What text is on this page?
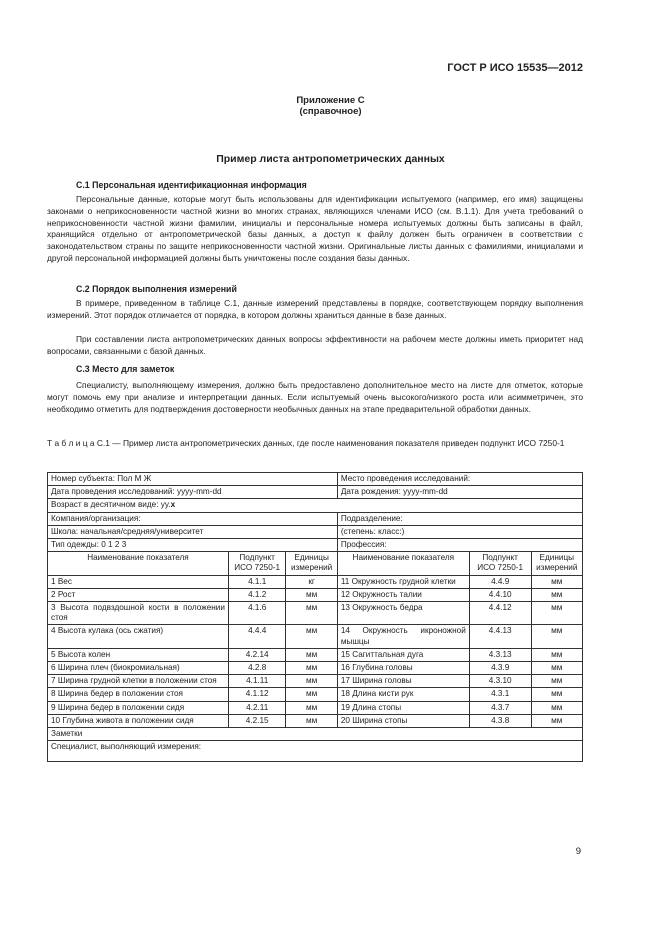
ГОСТ Р ИСО 15535—2012
Приложение С
(справочное)
Пример листа антропометрических данных
С.1 Персональная идентификационная информация

Персональные данные, которые могут быть использованы для идентификации испытуемого (например, его имя) защищены законами о неприкосновенности частной жизни во многих странах, являющихся членами ИСО (см. В.1.1). Для учета требований о неприкосновенности частной жизни фамилии, инициалы и персональные номера испытуемых должны быть записаны в файл, хранящийся отдельно от антропометрической базы данных, а доступ к файлу должен быть ограничен в соответствии с законодательством страны по защите неприкосновенности частной жизни. Оригинальные листы данных с фамилиями, инициалами и другой персональной информацией должны быть уничтожены после создания базы данных.

С.2 Порядок выполнения измерений

В примере, приведенном в таблице С.1, данные измерений представлены в порядке, соответствующем порядку выполнения измерений. Этот порядок отличается от порядка, в котором должны храниться данные в базе данных.

При составлении листа антропометрических данных вопросы эффективности на рабочем месте должны иметь приоритет над вопросами, связанными с базой данных.

С.3 Место для заметок

Специалисту, выполняющему измерения, должно быть предоставлено дополнительное место на листе для отметок, которые могут помочь ему при анализе и интерпретации данных. Если испытуемый очень высокого/низкого роста или асимметричен, это необходимо отметить для подтверждения достоверности необычных данных на этапе предварительной обработки данных.

Т а б л и ц а С.1 — Пример листа антропометрических данных, где после наименования показателя приведен подпункт ИСО 7250-1
Номер субъекта: Пол М Ж			Место проведения исследований:		
Дата проведения исследований: yyyy-mm-dd			Дата рождения: yyyy-mm-dd		
Возраст в десятичном виде: yy.x					
Компания/организация:			Подразделение:		
Школа: начальная/средняя/университет			(степень: класс:)		
Тип одежды: 0 1 2 3			Профессия:		
Наименование показателя	Подпункт ИСО 7250-1	Единицы измерений	Наименование показателя	Подпункт ИСО 7250-1	Единицы измерений
1 Вес	4.1.1	кг	11 Окружность грудной клетки	4.4.9	мм
2 Рост	4.1.2	мм	12 Окружность талии	4.4.10	мм
3 Высота подвздошной кости в положении стоя	4.1.6	мм	13 Окружность бедра	4.4.12	мм
4 Высота кулака (ось сжатия)	4.4.4	мм	14 Окружность икроножной мышцы	4.4.13	мм
5 Высота колен	4.2.14	мм	15 Сагиттальная дуга	4.3.13	мм
6 Ширина плеч (биокромиальная)	4.2.8	мм	16 Глубина головы	4.3.9	мм
7 Ширина грудной клетки в положении стоя	4.1.11	мм	17 Ширина головы	4.3.10	мм
8 Ширина бедер в положении стоя	4.1.12	мм	18 Длина кисти рук	4.3.1	мм
9 Ширина бедер в положении сидя	4.2.11	мм	19 Длина стопы	4.3.7	мм
10 Глубина живота в положении сидя	4.2.15	мм	20 Ширина стопы	4.3.8	мм
Заметки					
Специалист, выполняющий измерения:					
9
